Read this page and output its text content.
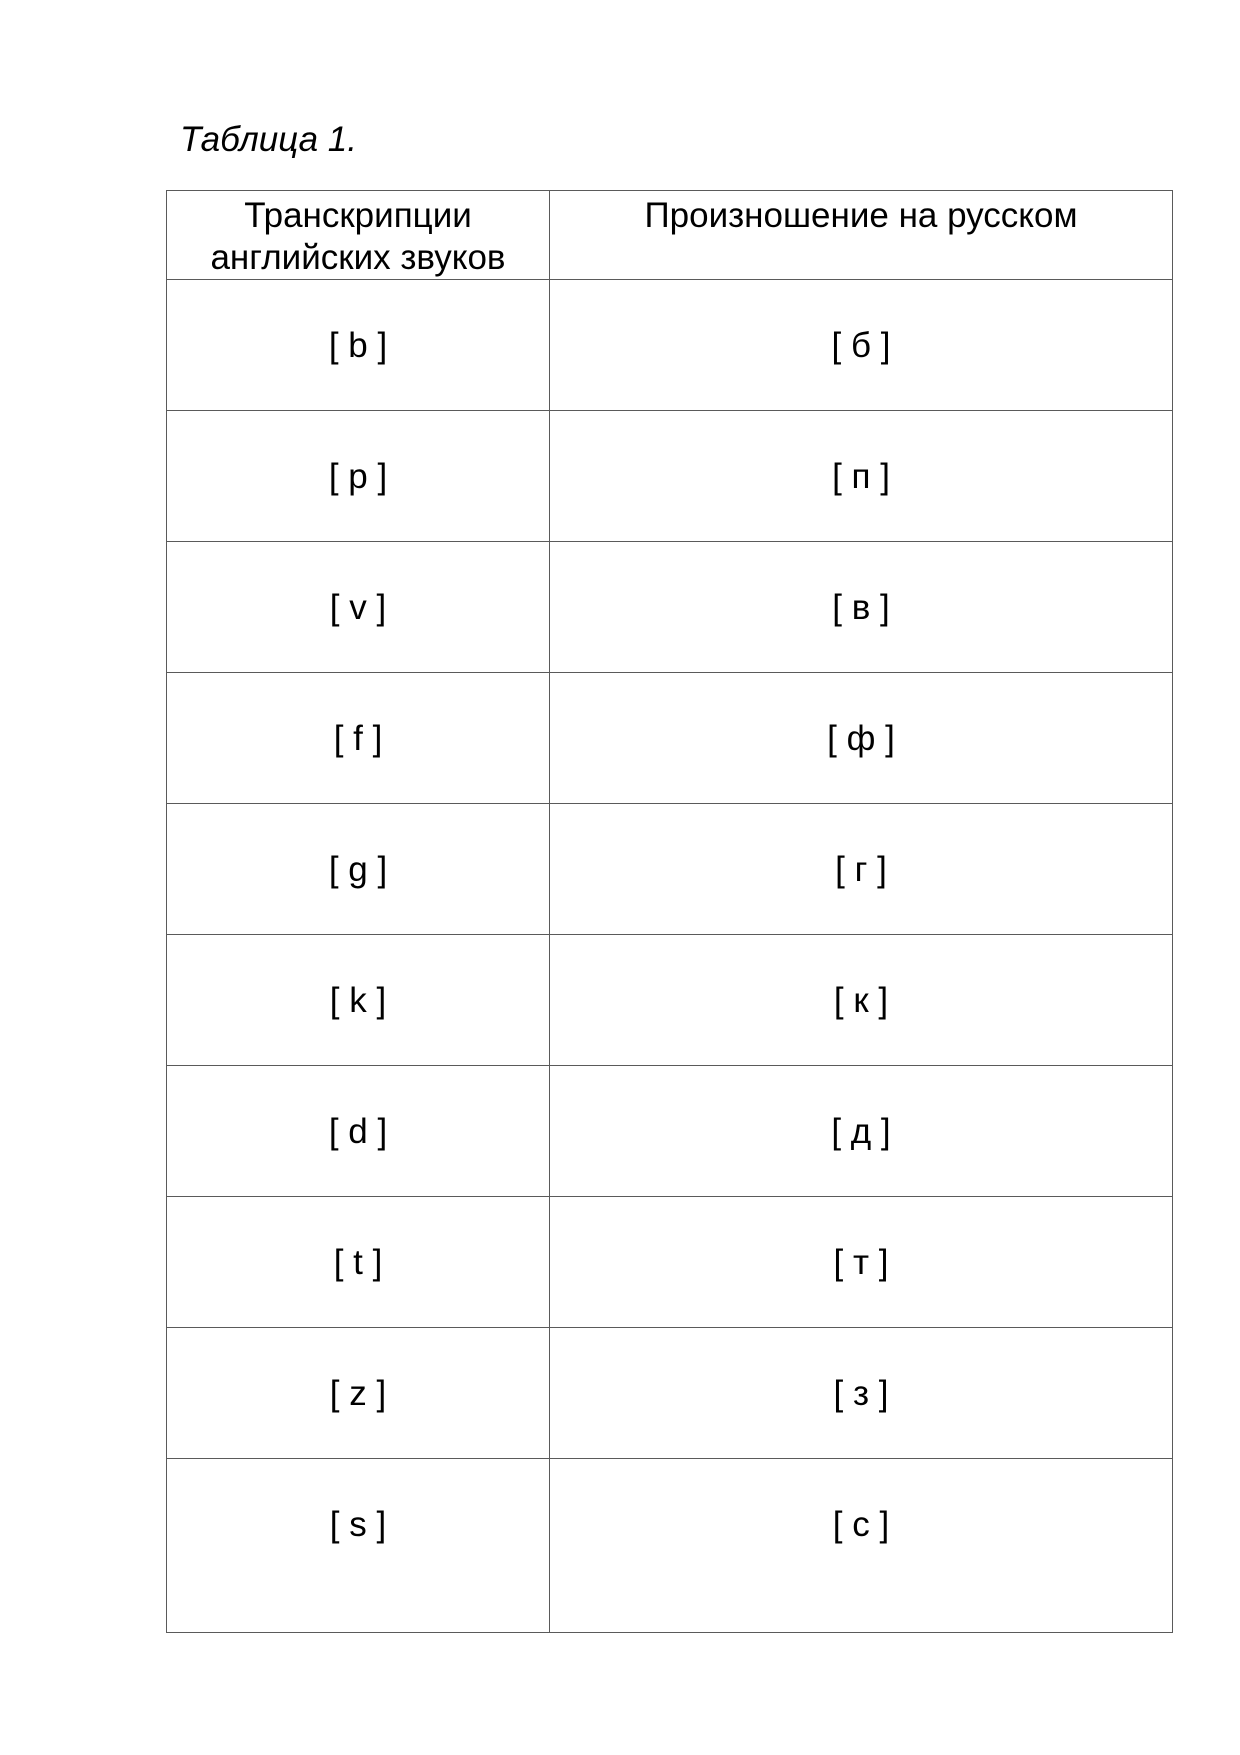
Таблица 1.
Транскрипции английских звуков	Произношение на русском
[ b ]	[ б ]
[ p ]	[ п ]
[ v ]	[ в ]
[ f ]	[ ф ]
[ g ]	[ г ]
[ k ]	[ к ]
[ d ]	[ д ]
[ t ]	[ т ]
[ z ]	[ з ]
[ s ]	[ с ]
